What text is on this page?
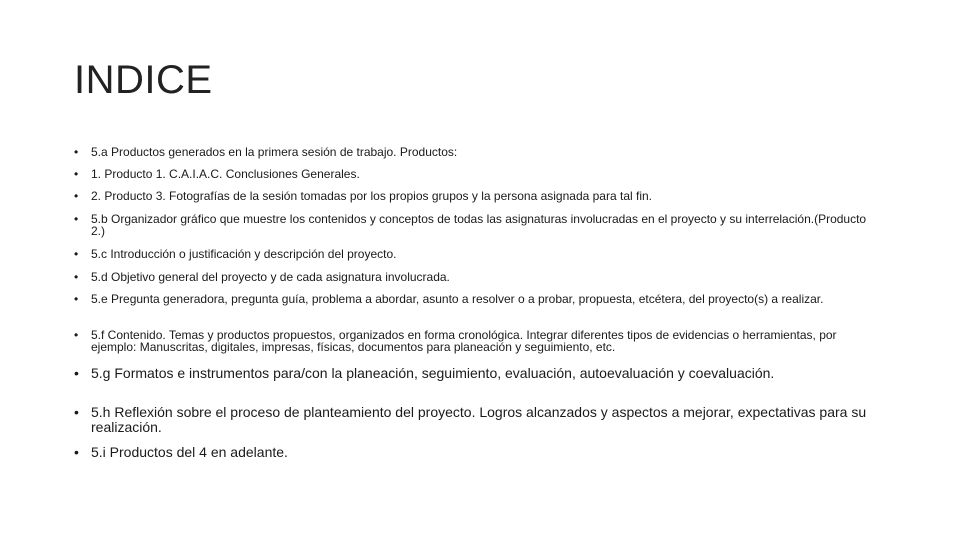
INDICE
•	5.a Productos generados en la primera sesión de trabajo. Productos:
•	1. Producto 1. C.A.I.A.C. Conclusiones Generales.
•	2. Producto 3. Fotografías de la sesión tomadas por los propios grupos y la persona asignada para tal fin.
•	5.b Organizador gráfico que muestre los contenidos y conceptos de todas las asignaturas involucradas en el proyecto y su interrelación.(Producto 2.)
•	5.c Introducción o justificación y descripción del proyecto.
•	5.d Objetivo general del proyecto y de cada asignatura involucrada.
•	5.e Pregunta generadora, pregunta guía, problema a abordar, asunto a resolver o a probar, propuesta, etcétera, del proyecto(s) a realizar.
•	5.f Contenido. Temas y productos propuestos, organizados en forma cronológica. Integrar diferentes tipos de evidencias o herramientas, por ejemplo: Manuscritas, digitales, impresas, físicas, documentos para planeación y seguimiento, etc.
• 5.g Formatos e instrumentos para/con la planeación, seguimiento, evaluación, autoevaluación y coevaluación.
• 5.h Reflexión sobre el proceso de planteamiento del proyecto. Logros alcanzados y aspectos a mejorar, expectativas para su realización.
• 5.i Productos del 4 en adelante.
